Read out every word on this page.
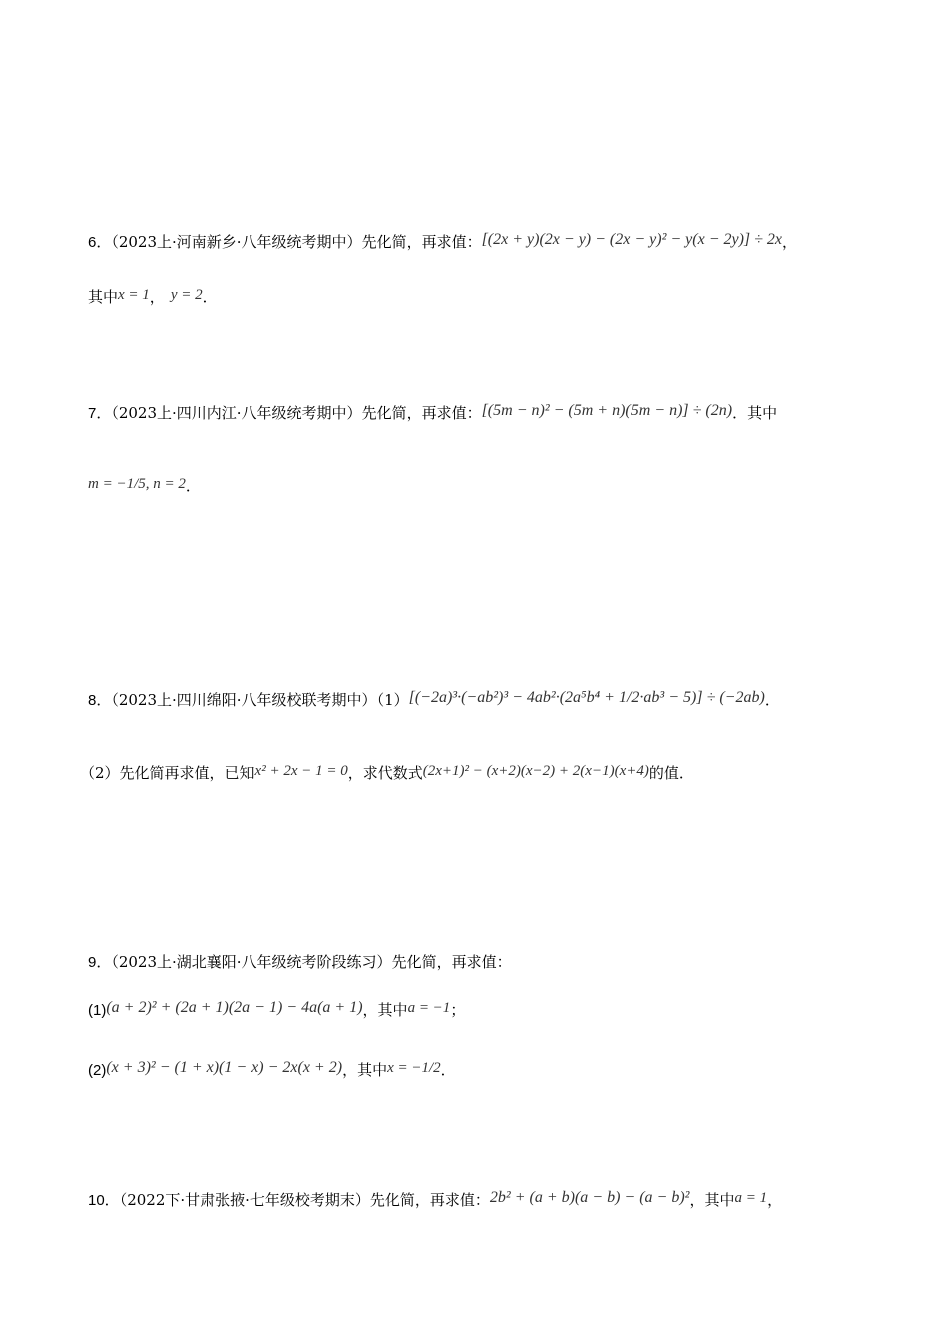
6．（2023上·河南新乡·八年级统考期中）先化简，再求值：[(2x + y)(2x − y) − (2x − y)² − y(x − 2y)] ÷ 2x，
其中x = 1， y = 2．
7．（2023上·四川内江·八年级统考期中）先化简，再求值：[(5m − n)² − (5m + n)(5m − n)] ÷ (2n)．其中
m = −1/5, n = 2．
8．（2023上·四川绵阳·八年级校联考期中）（1）[(−2a)³·(−ab²)³ − 4ab²·(2a⁵b⁴ + 1/2·ab³ − 5)] ÷ (−2ab)．
（2）先化简再求值，已知x² + 2x − 1 = 0，求代数式(2x+1)² − (x+2)(x−2) + 2(x−1)(x+4)的值．
9．（2023上·湖北襄阳·八年级统考阶段练习）先化简，再求值：
(1)(a + 2)² + (2a + 1)(2a − 1) − 4a(a + 1)，其中a = −1；
(2)(x + 3)² − (1 + x)(1 − x) − 2x(x + 2)，其中x = −1/2．
10．（2022下·甘肃张掖·七年级校考期末）先化简，再求值：2b² + (a + b)(a − b) − (a − b)²，其中a = 1，
